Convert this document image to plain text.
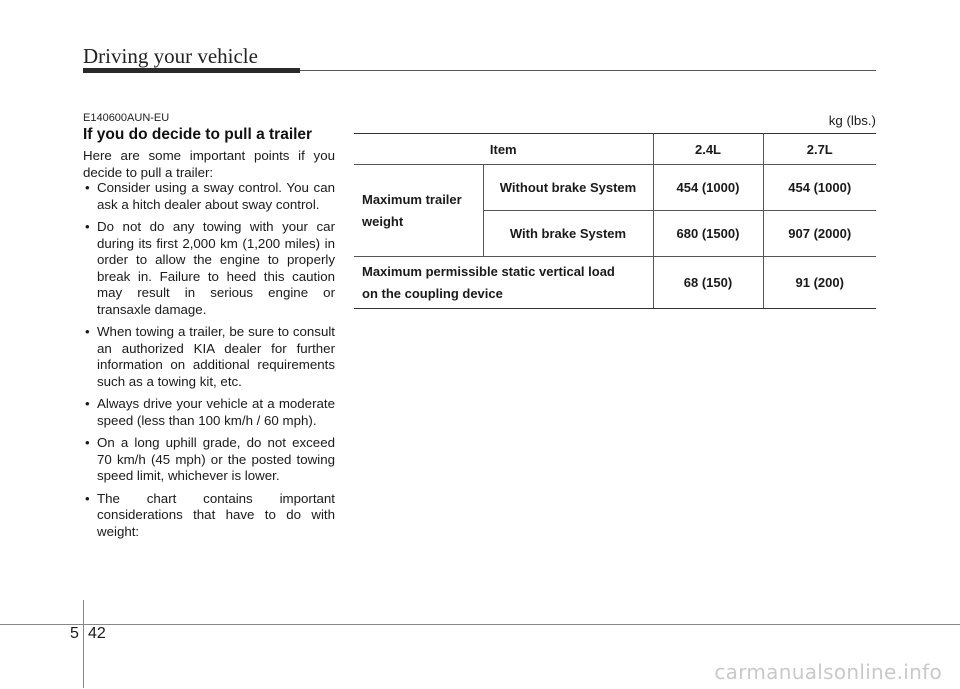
Driving your vehicle
E140600AUN-EU
If you do decide to pull a trailer
Here are some important points if you decide to pull a trailer:
• Consider using a sway control. You can ask a hitch dealer about sway control.
• Do not do any towing with your car during its first 2,000 km (1,200 miles) in order to allow the engine to properly break in. Failure to heed this caution may result in serious engine or transaxle damage.
• When towing a trailer, be sure to consult an authorized KIA dealer for further information on additional requirements such as a towing kit, etc.
• Always drive your vehicle at a moderate speed (less than 100 km/h / 60 mph).
• On a long uphill grade, do not exceed 70 km/h (45 mph) or the posted towing speed limit, whichever is lower.
• The chart contains important considerations that have to do with weight:
kg (lbs.)
Item		2.4L	2.7L
Maximum trailer
weight	Without brake System	454 (1000)	454 (1000)
	With brake System	680 (1500)	907 (2000)
Maximum permissible static vertical load
on the coupling device		68 (150)	91 (200)
5 42
carmanualsonline.info
